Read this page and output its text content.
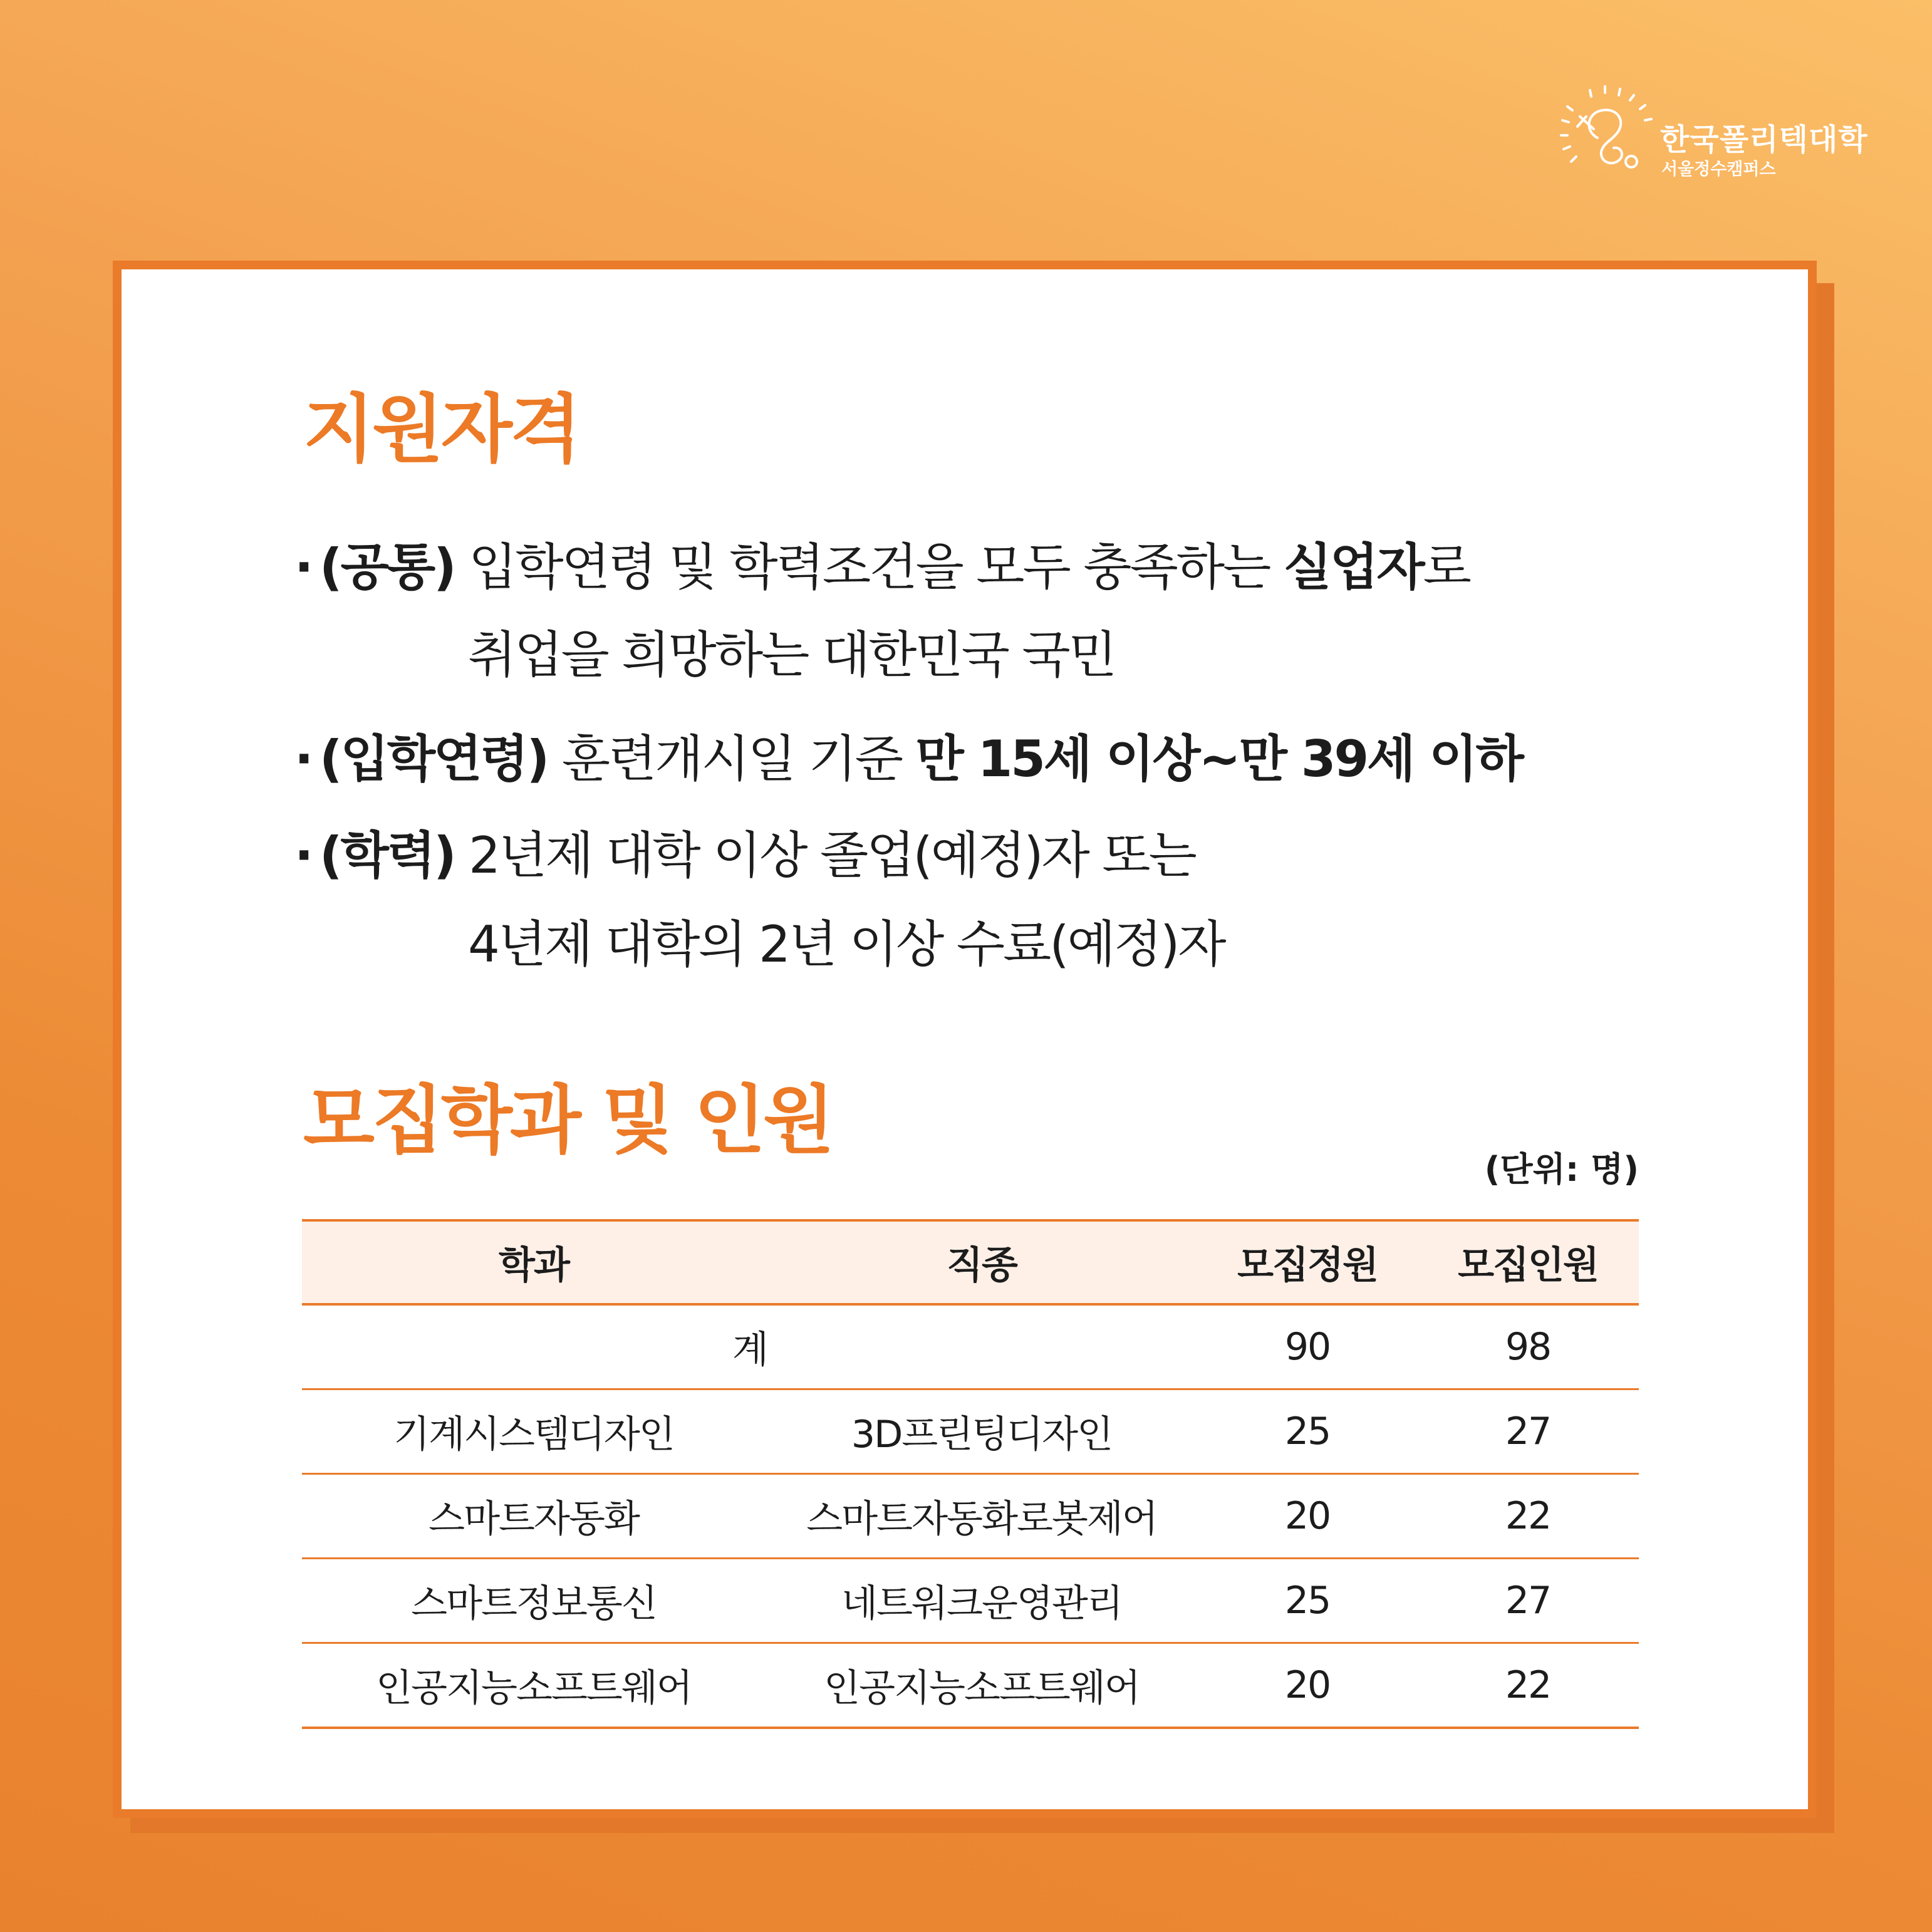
한국폴리텍대학
서울정수캠퍼스
지원자격
· (공통) 입학연령 및 학력조건을 모두 충족하는 실업자로
취업을 희망하는 대한민국 국민
· (입학연령) 훈련개시일 기준 만 15세 이상~만 39세 이하
· (학력) 2년제 대학 이상 졸업(예정)자 또는
4년제 대학의 2년 이상 수료(예정)자
모집학과 및 인원
(단위: 명)
학과	직종	모집정원	모집인원
계		90	98
기계시스템디자인	3D프린팅디자인	25	27
스마트자동화	스마트자동화로봇제어	20	22
스마트정보통신	네트워크운영관리	25	27
인공지능소프트웨어	인공지능소프트웨어	20	22
